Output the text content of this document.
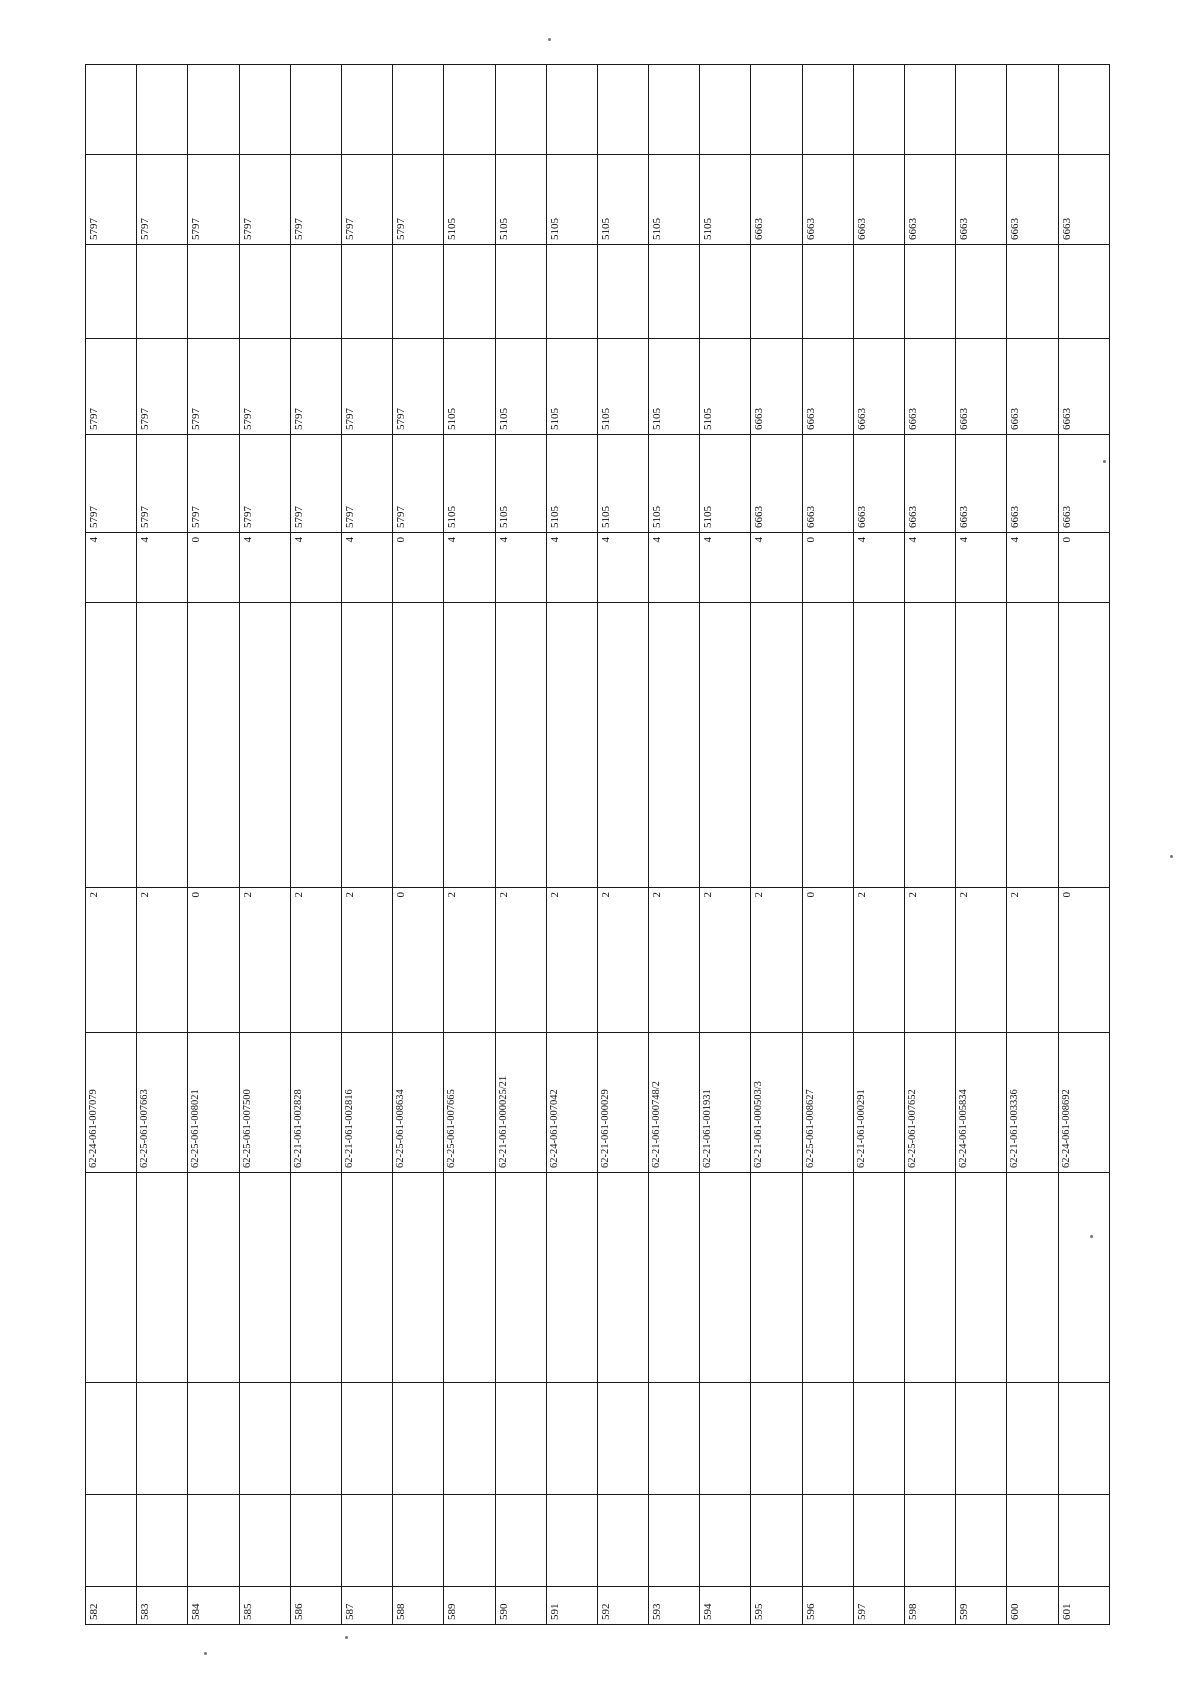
582				62-24-061-007079	2		4	5797	5797		5797	
583				62-25-061-007663	2		4	5797	5797		5797	
584				62-25-061-008021	0		0	5797	5797		5797	
585				62-25-061-007500	2		4	5797	5797		5797	
586				62-21-061-002828	2		4	5797	5797		5797	
587				62-21-061-002816	2		4	5797	5797		5797	
588				62-25-061-008634	0		0	5797	5797		5797	
589				62-25-061-007665	2		4	5105	5105		5105	
590				62-21-061-000025/21	2		4	5105	5105		5105	
591				62-24-061-007042	2		4	5105	5105		5105	
592				62-21-061-000029	2		4	5105	5105		5105	
593				62-21-061-000748/2	2		4	5105	5105		5105	
594				62-21-061-001931	2		4	5105	5105		5105	
595				62-21-061-000503/3	2		4	6663	6663		6663	
596				62-25-061-008627	0		0	6663	6663		6663	
597				62-21-061-000291	2		4	6663	6663		6663	
598				62-25-061-007652	2		4	6663	6663		6663	
599				62-24-061-005834	2		4	6663	6663		6663	
600				62-21-061-003336	2		4	6663	6663		6663	
601				62-24-061-008692	0		0	6663	6663		6663	
